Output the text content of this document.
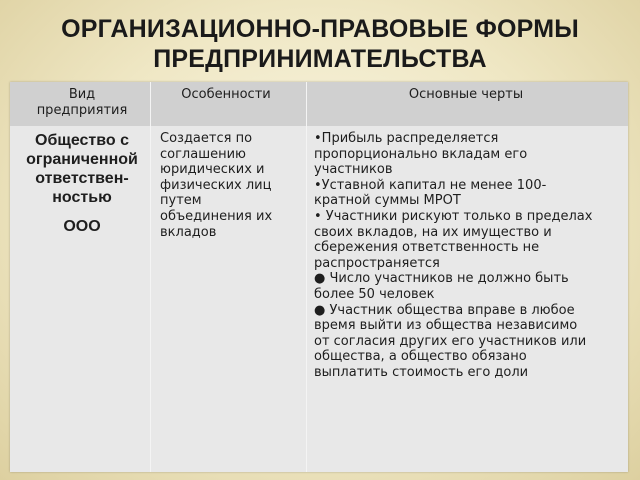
ОРГАНИЗАЦИОННО-ПРАВОВЫЕ ФОРМЫ
ПРЕДПРИНИМАТЕЛЬСТВА
Вид
предприятия
Особенности	Основные черты
Общество с
ограниченной
ответствен-
ностью
ООО
Создается по
соглашению
юридических и
физических лиц
путем
объединения их
вкладов
•Прибыль распределяется
пропорционально вкладам его
участников
•Уставной капитал не менее 100-
кратной суммы МРОТ
• Участники рискуют только в пределах
своих вкладов, на их имущество и
сбережения ответственность не
распространяется
● Число участников не должно быть
более 50 человек
● Участник общества вправе в любое
время выйти из общества независимо
от согласия других его участников или
общества, а общество обязано
выплатить стоимость его доли
